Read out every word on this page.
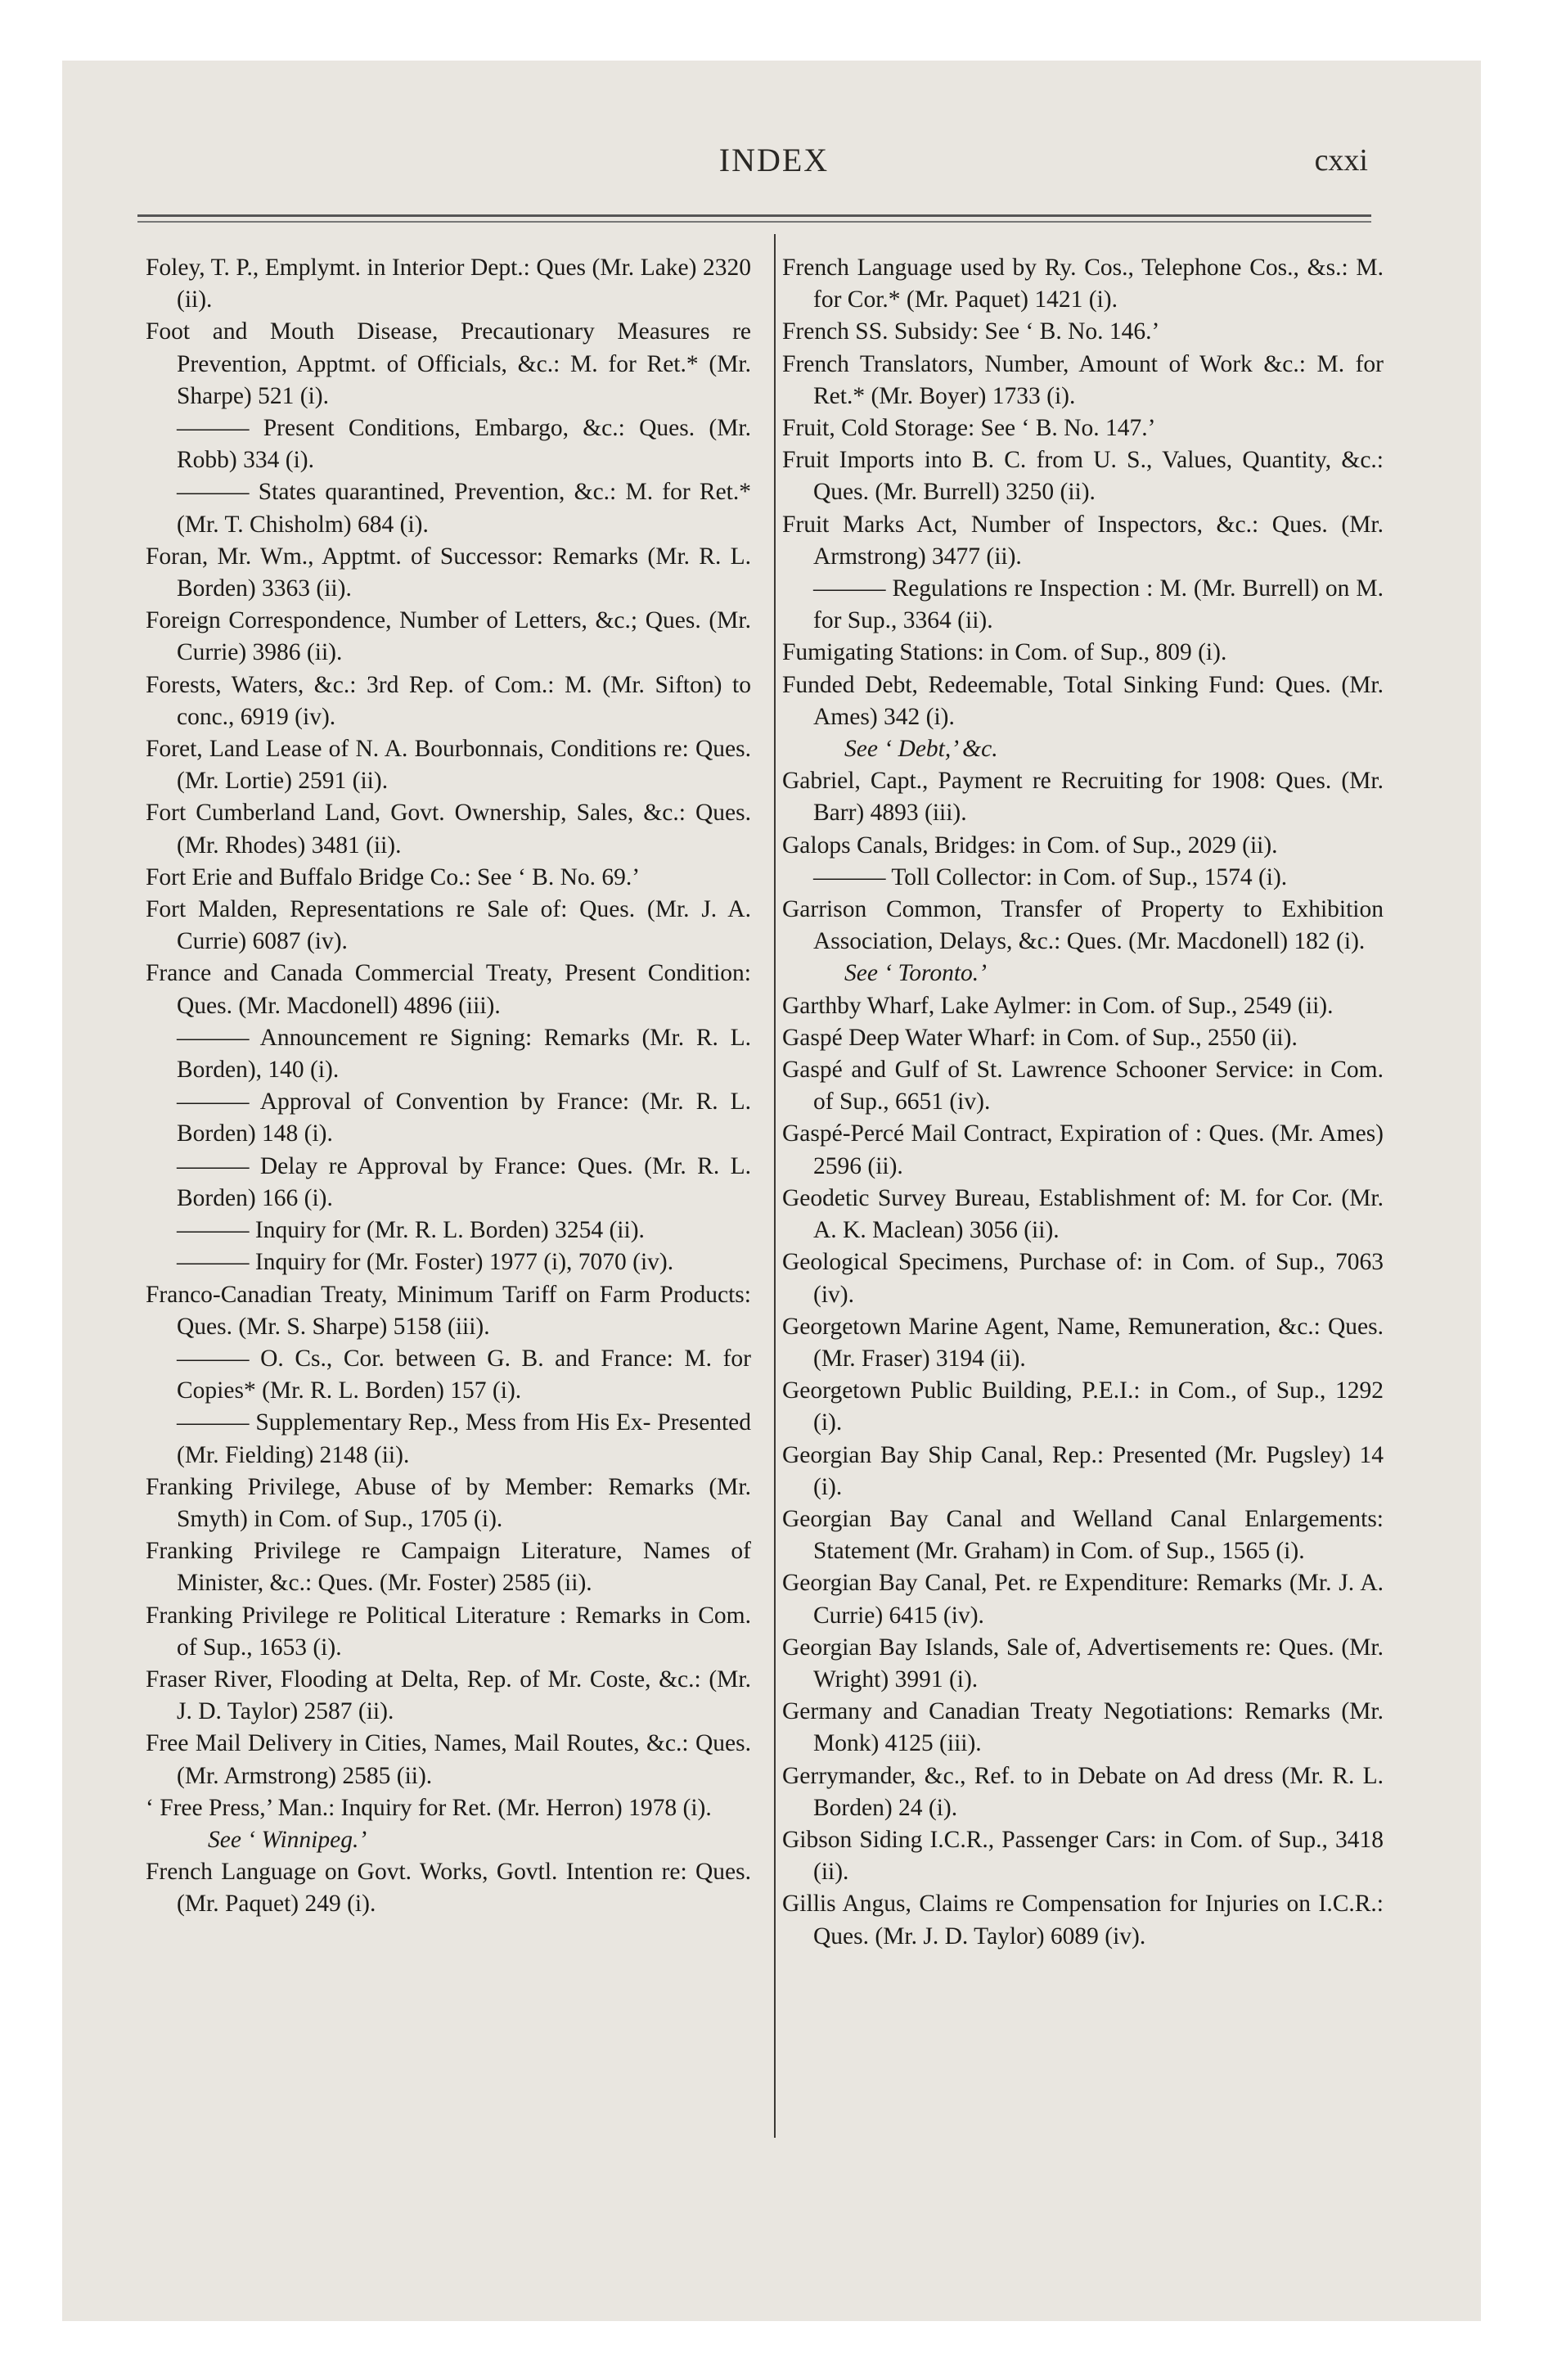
INDEX	cxxi

Foley, T. P., Emplymt. in Interior Dept.: Ques (Mr. Lake) 2320 (ii).

Foot and Mouth Disease, Precautionary Measures re Prevention, Apptmt. of Officials, &c.: M. for Ret.* (Mr. Sharpe) 521 (i).

——— Present Conditions, Embargo, &c.: Ques. (Mr. Robb) 334 (i).

——— States quarantined, Prevention, &c.: M. for Ret.* (Mr. T. Chisholm) 684 (i).

Foran, Mr. Wm., Apptmt. of Successor: Remarks (Mr. R. L. Borden) 3363 (ii).

Foreign Correspondence, Number of Letters, &c.; Ques. (Mr. Currie) 3986 (ii).

Forests, Waters, &c.: 3rd Rep. of Com.: M. (Mr. Sifton) to conc., 6919 (iv).

Foret, Land Lease of N. A. Bourbonnais, Conditions re: Ques. (Mr. Lortie) 2591 (ii).

Fort Cumberland Land, Govt. Ownership, Sales, &c.: Ques. (Mr. Rhodes) 3481 (ii).

Fort Erie and Buffalo Bridge Co.: See ‘ B. No. 69.’

Fort Malden, Representations re Sale of: Ques. (Mr. J. A. Currie) 6087 (iv).

France and Canada Commercial Treaty, Present Condition: Ques. (Mr. Macdonell) 4896 (iii).

——— Announcement re Signing: Remarks (Mr. R. L. Borden), 140 (i).

——— Approval of Convention by France: (Mr. R. L. Borden) 148 (i).

——— Delay re Approval by France: Ques. (Mr. R. L. Borden) 166 (i).

——— Inquiry for (Mr. R. L. Borden) 3254 (ii).

——— Inquiry for (Mr. Foster) 1977 (i), 7070 (iv).

Franco-Canadian Treaty, Minimum Tariff on Farm Products: Ques. (Mr. S. Sharpe) 5158 (iii).

——— O. Cs., Cor. between G. B. and France: M. for Copies* (Mr. R. L. Borden) 157 (i).

——— Supplementary Rep., Mess from His Ex- Presented (Mr. Fielding) 2148 (ii).

Franking Privilege, Abuse of by Member: Remarks (Mr. Smyth) in Com. of Sup., 1705 (i).

Franking Privilege re Campaign Literature, Names of Minister, &c.: Ques. (Mr. Foster) 2585 (ii).

Franking Privilege re Political Literature : Remarks in Com. of Sup., 1653 (i).

Fraser River, Flooding at Delta, Rep. of Mr. Coste, &c.: (Mr. J. D. Taylor) 2587 (ii).

Free Mail Delivery in Cities, Names, Mail Routes, &c.: Ques. (Mr. Armstrong) 2585 (ii).

‘ Free Press,’ Man.: Inquiry for Ret. (Mr. Herron) 1978 (i).

See ‘ Winnipeg.’

French Language on Govt. Works, Govtl. Intention re: Ques. (Mr. Paquet) 249 (i).

French Language used by Ry. Cos., Telephone Cos., &s.: M. for Cor.* (Mr. Paquet) 1421 (i).

French SS. Subsidy: See ‘ B. No. 146.’

French Translators, Number, Amount of Work &c.: M. for Ret.* (Mr. Boyer) 1733 (i).

Fruit, Cold Storage: See ‘ B. No. 147.’

Fruit Imports into B. C. from U. S., Values, Quantity, &c.: Ques. (Mr. Burrell) 3250 (ii).

Fruit Marks Act, Number of Inspectors, &c.: Ques. (Mr. Armstrong) 3477 (ii).

——— Regulations re Inspection : M. (Mr. Burrell) on M. for Sup., 3364 (ii).

Fumigating Stations: in Com. of Sup., 809 (i).

Funded Debt, Redeemable, Total Sinking Fund: Ques. (Mr. Ames) 342 (i).

See ‘ Debt,’ &c.

Gabriel, Capt., Payment re Recruiting for 1908: Ques. (Mr. Barr) 4893 (iii).

Galops Canals, Bridges: in Com. of Sup., 2029 (ii).

——— Toll Collector: in Com. of Sup., 1574 (i).

Garrison Common, Transfer of Property to Exhibition Association, Delays, &c.: Ques. (Mr. Macdonell) 182 (i).

See ‘ Toronto.’

Garthby Wharf, Lake Aylmer: in Com. of Sup., 2549 (ii).

Gaspé Deep Water Wharf: in Com. of Sup., 2550 (ii).

Gaspé and Gulf of St. Lawrence Schooner Service: in Com. of Sup., 6651 (iv).

Gaspé-Percé Mail Contract, Expiration of : Ques. (Mr. Ames) 2596 (ii).

Geodetic Survey Bureau, Establishment of: M. for Cor. (Mr. A. K. Maclean) 3056 (ii).

Geological Specimens, Purchase of: in Com. of Sup., 7063 (iv).

Georgetown Marine Agent, Name, Remuneration, &c.: Ques. (Mr. Fraser) 3194 (ii).

Georgetown Public Building, P.E.I.: in Com., of Sup., 1292 (i).

Georgian Bay Ship Canal, Rep.: Presented (Mr. Pugsley) 14 (i).

Georgian Bay Canal and Welland Canal Enlargements: Statement (Mr. Graham) in Com. of Sup., 1565 (i).

Georgian Bay Canal, Pet. re Expenditure: Remarks (Mr. J. A. Currie) 6415 (iv).

Georgian Bay Islands, Sale of, Advertisements re: Ques. (Mr. Wright) 3991 (i).

Germany and Canadian Treaty Negotiations: Remarks (Mr. Monk) 4125 (iii).

Gerrymander, &c., Ref. to in Debate on Ad dress (Mr. R. L. Borden) 24 (i).

Gibson Siding I.C.R., Passenger Cars: in Com. of Sup., 3418 (ii).

Gillis Angus, Claims re Compensation for Injuries on I.C.R.: Ques. (Mr. J. D. Taylor) 6089 (iv).
